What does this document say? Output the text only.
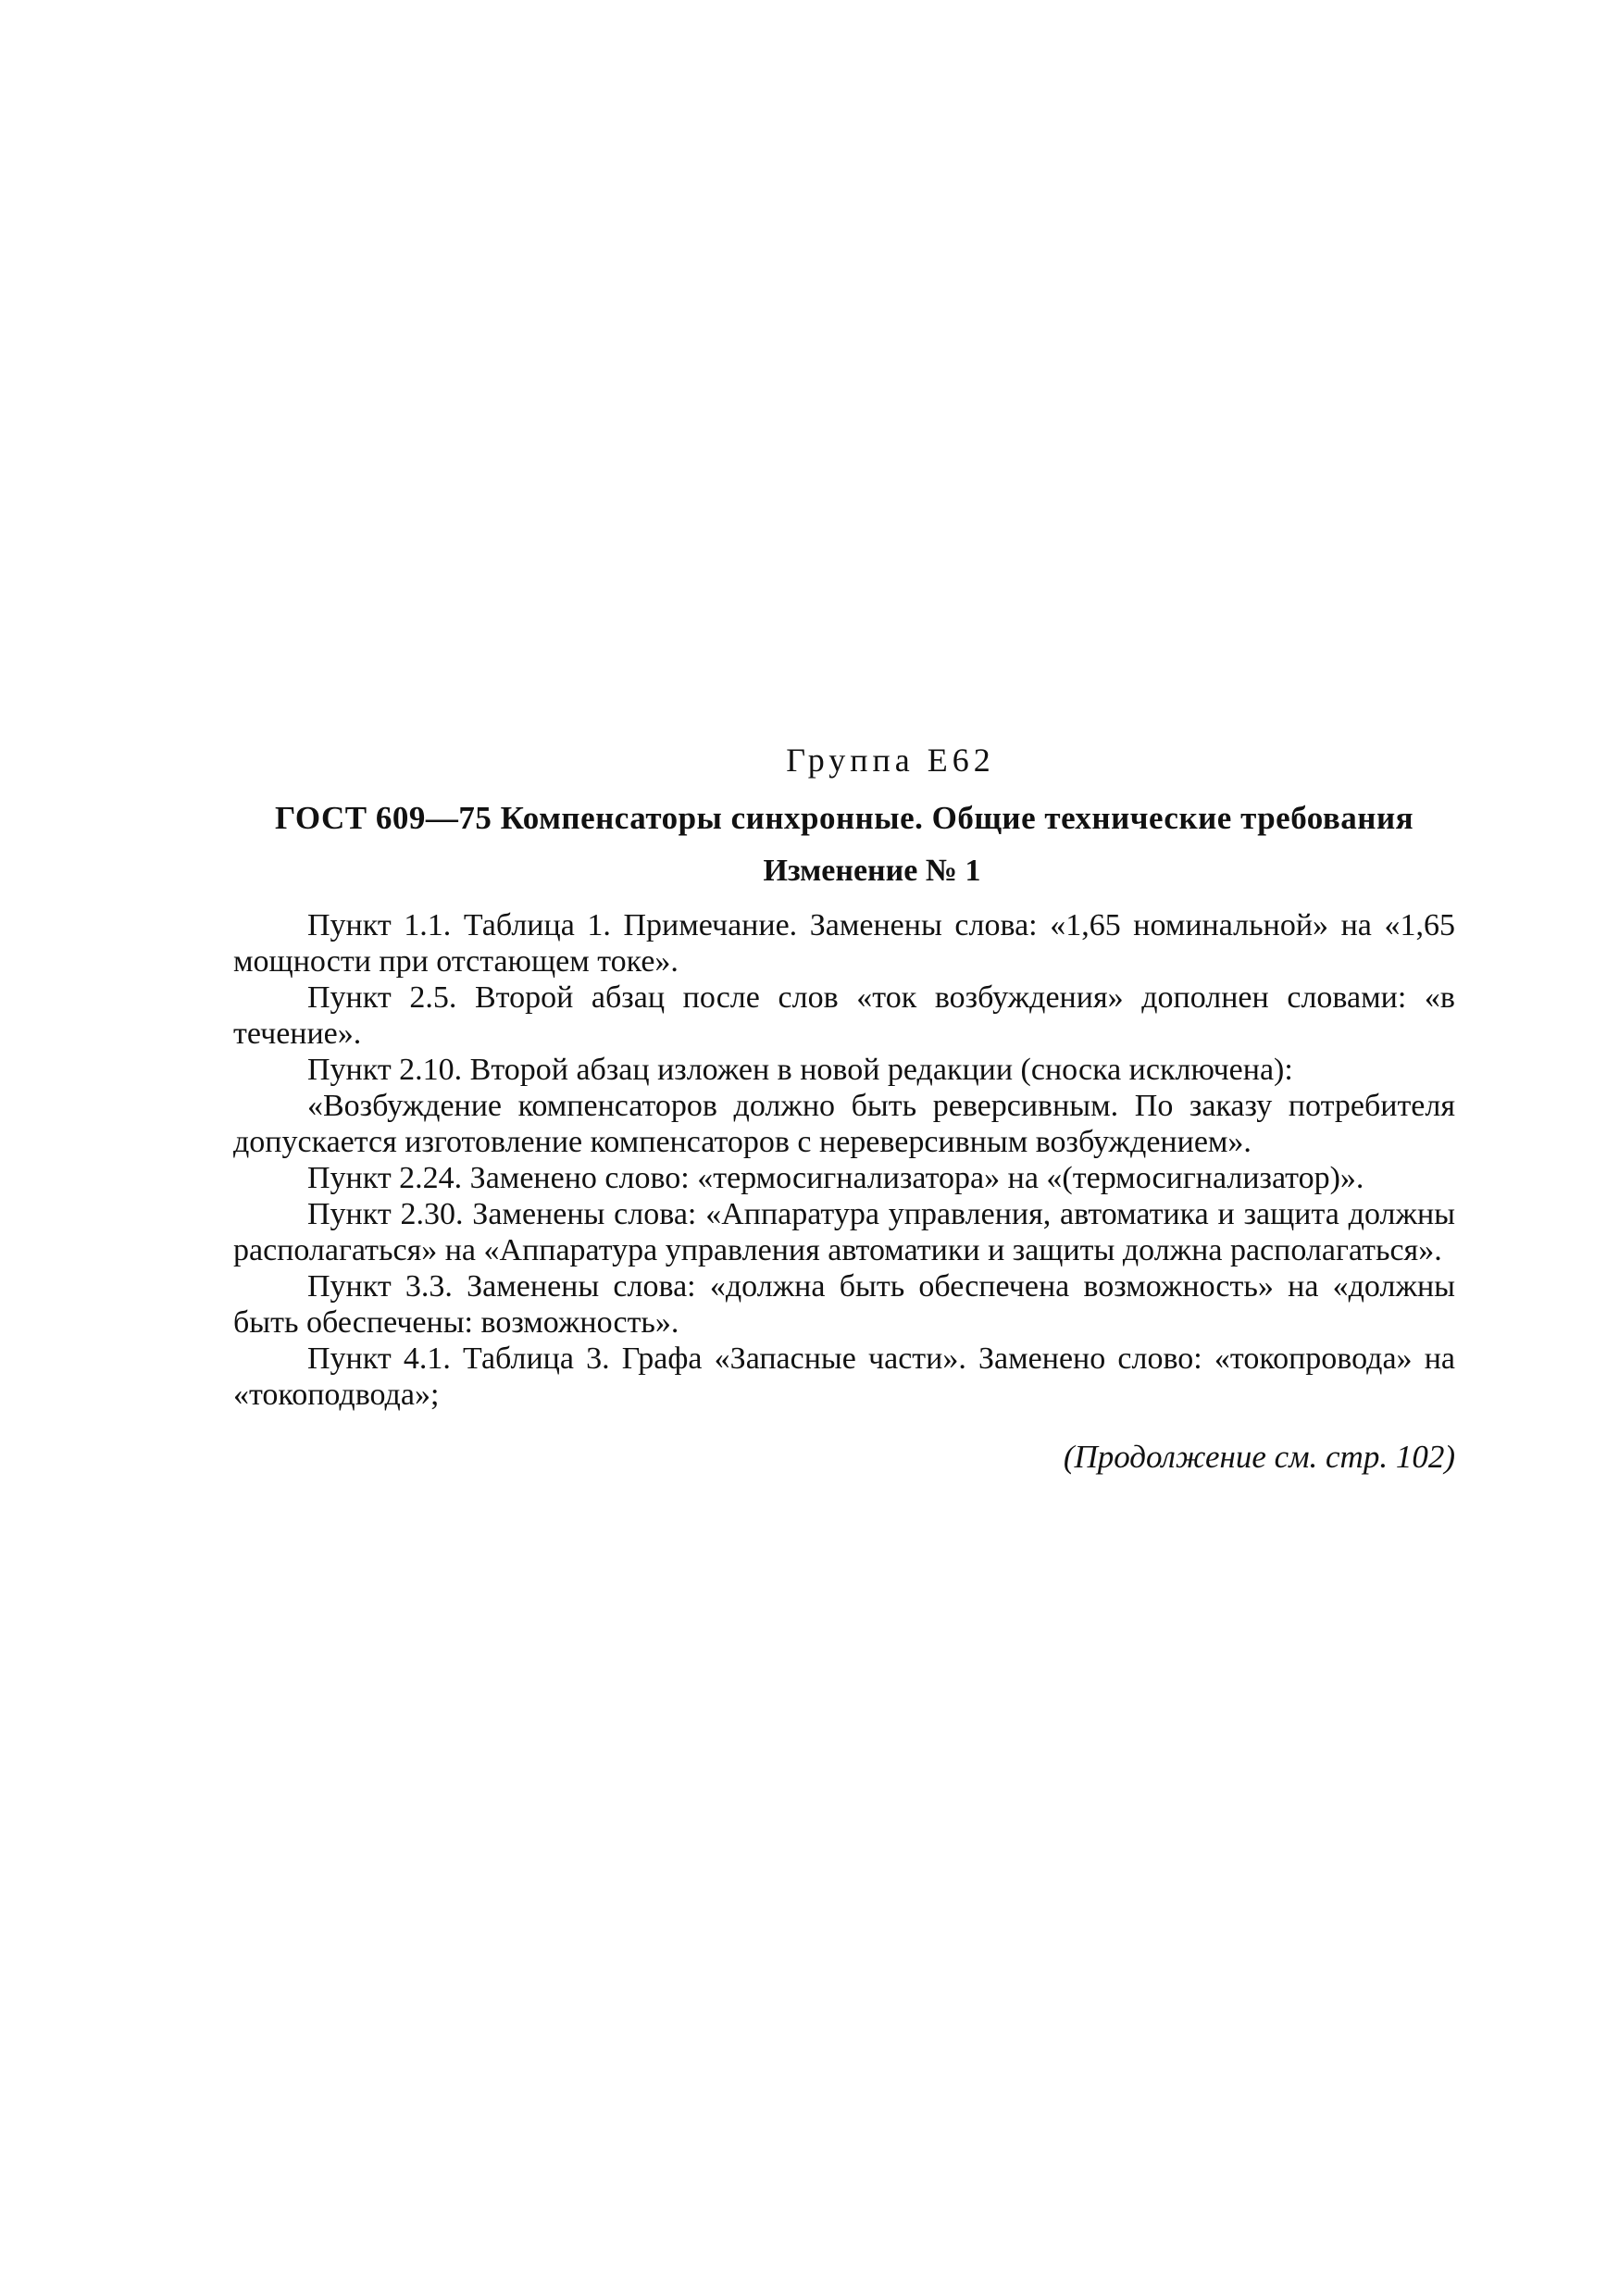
Группа Е62
ГОСТ 609—75 Компенсаторы синхронные. Общие технические требования
Изменение № 1

Пункт 1.1. Таблица 1. Примечание. Заменены слова: «1,65 номинальной» на «1,65 мощности при отстающем токе».

Пункт 2.5. Второй абзац после слов «ток возбуждения» дополнен словами: «в течение».

Пункт 2.10. Второй абзац изложен в новой редакции (сноска исключена):

«Возбуждение компенсаторов должно быть реверсивным. По заказу потребителя допускается изготовление компенсаторов с нереверсивным возбуждением».

Пункт 2.24. Заменено слово: «термосигнализатора» на «(термосигнализатор)».

Пункт 2.30. Заменены слова: «Аппаратура управления, автоматика и защита должны располагаться» на «Аппаратура управления автоматики и защиты должна располагаться».

Пункт 3.3. Заменены слова: «должна быть обеспечена возможность» на «должны быть обеспечены: возможность».

Пункт 4.1. Таблица 3. Графа «Запасные части». Заменено слово: «токопровода» на «токоподвода»;

(Продолжение см. стр. 102)
